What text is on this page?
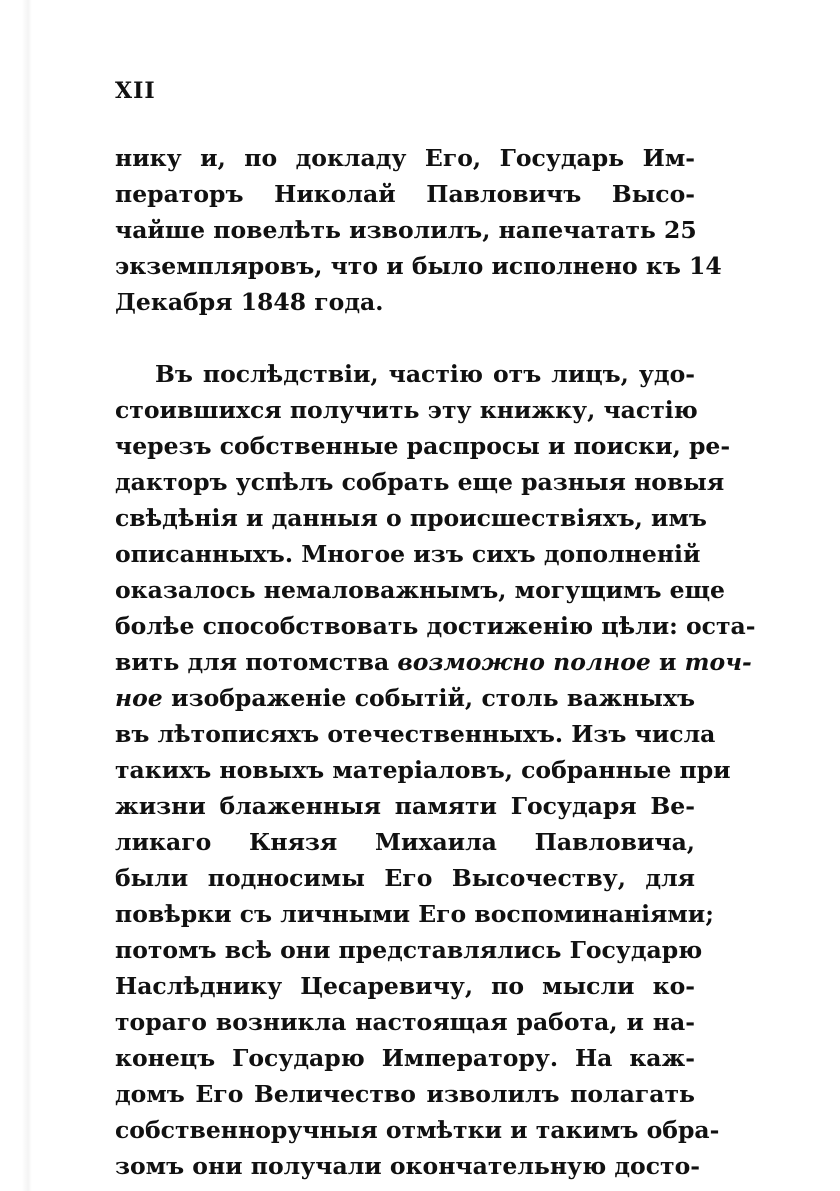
XII

нику и, по докладу Его, Государь Им-
ператоръ Николай Павловичъ Высо-
чайше повелѣть изволилъ, напечатать 25
экземпляровъ, что и было исполнено къ 14
Декабря 1848 года.
Въ послѣдствіи, частію отъ лицъ, удо-
стоившихся получить эту книжку, частію
черезъ собственные распросы и поиски, ре-
дакторъ успѣлъ собрать еще разныя новыя
свѣдѣнія и данныя о происшествіяхъ, имъ
описанныхъ. Многое изъ сихъ дополненій
оказалось немаловажнымъ, могущимъ еще
болѣе способствовать достиженію цѣли: оста-
вить для потомства возможно полное и точ-
ное изображеніе событій, столь важныхъ
въ лѣтописяхъ отечественныхъ. Изъ числа
такихъ новыхъ матеріаловъ, собранные при
жизни блаженныя памяти Государя Ве-
ликаго Князя Михаила Павловича,
были подносимы Его Высочеству, для
повѣрки съ личными Его воспоминаніями;
потомъ всѣ они представлялись Государю
Наслѣднику Цесаревичу, по мысли ко-
тораго возникла настоящая работа, и на-
конецъ Государю Императору. На каж-
домъ Его Величество изволилъ полагать
собственноручныя отмѣтки и такимъ обра-
зомъ они получали окончательную досто-
